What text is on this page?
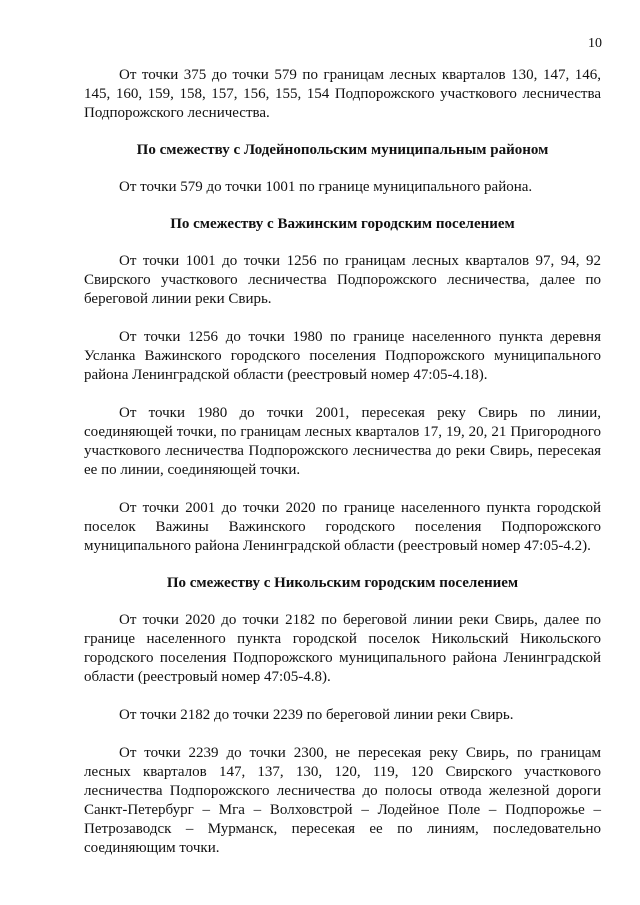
10

От точки 375 до точки 579 по границам лесных кварталов 130, 147, 146, 145, 160, 159, 158, 157, 156, 155, 154 Подпорожского участкового лесничества Подпорожского лесничества.

По смежеству с Лодейнопольским муниципальным районом

От точки 579 до точки 1001 по границе муниципального района.

По смежеству с Важинским городским поселением

От точки 1001 до точки 1256 по границам лесных кварталов 97, 94, 92 Свирского участкового лесничества Подпорожского лесничества, далее по береговой линии реки Свирь.

От точки 1256 до точки 1980 по границе населенного пункта деревня Усланка Важинского городского поселения Подпорожского муниципального района Ленинградской области (реестровый номер 47:05-4.18).

От точки 1980 до точки 2001, пересекая реку Свирь по линии, соединяющей точки, по границам лесных кварталов 17, 19, 20, 21 Пригородного участкового лесничества Подпорожского лесничества до реки Свирь, пересекая ее по линии, соединяющей точки.

От точки 2001 до точки 2020 по границе населенного пункта городской поселок Важины Важинского городского поселения Подпорожского муниципального района Ленинградской области (реестровый номер 47:05-4.2).

По смежеству с Никольским городским поселением

От точки 2020 до точки 2182 по береговой линии реки Свирь, далее по границе населенного пункта городской поселок Никольский Никольского городского поселения Подпорожского муниципального района Ленинградской области (реестровый номер 47:05-4.8).

От точки 2182 до точки 2239 по береговой линии реки Свирь.

От точки 2239 до точки 2300, не пересекая реку Свирь, по границам лесных кварталов 147, 137, 130, 120, 119, 120 Свирского участкового лесничества Подпорожского лесничества до полосы отвода железной дороги Санкт-Петербург – Мга – Волховстрой – Лодейное Поле – Подпорожье – Петрозаводск – Мурманск, пересекая ее по линиям, последовательно соединяющим точки.
